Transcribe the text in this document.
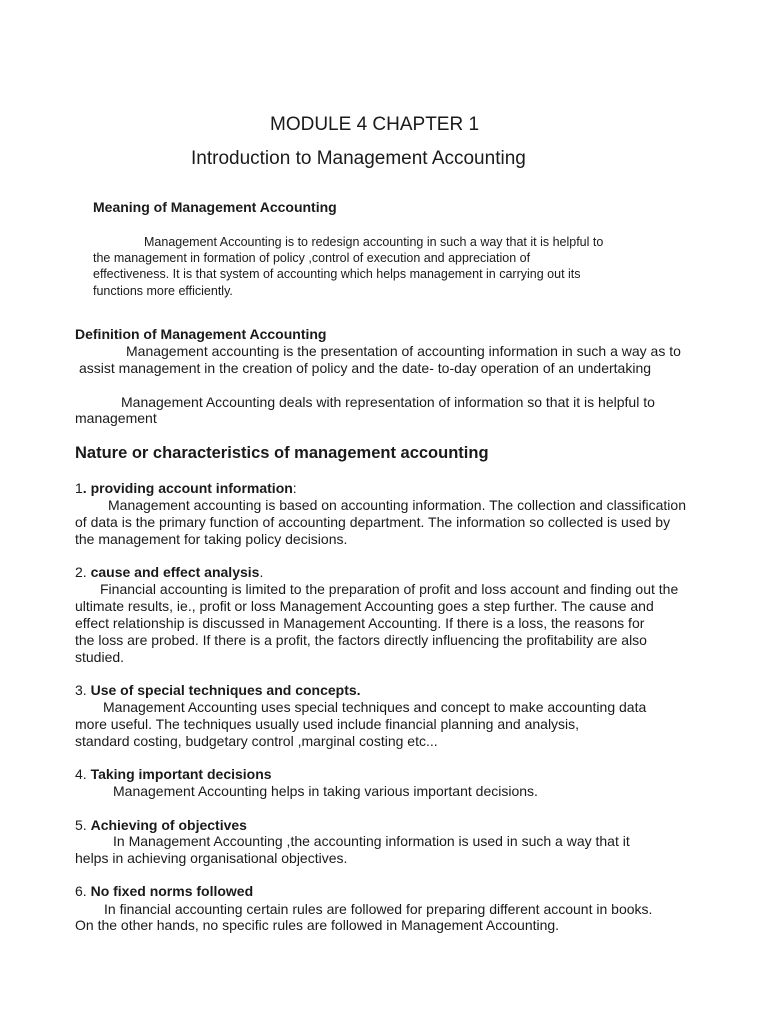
MODULE 4 CHAPTER 1
Introduction to Management Accounting
Meaning of Management Accounting
Management Accounting is to redesign accounting in such a way that it is helpful to
the management in formation of policy ,control of execution and appreciation of
effectiveness. It is that system of accounting which helps management in carrying out its
functions more efficiently.
Definition of Management Accounting
Management accounting is the presentation of accounting information in such a way as to
assist management in the creation of policy and the date- to-day operation of an undertaking
Management Accounting deals with representation of information so that it is helpful to
management
Nature or characteristics of management accounting
1. providing account information:
Management accounting is based on accounting information. The collection and classification
of data is the primary function of accounting department. The information so collected is used by
the management for taking policy decisions.
2. cause and effect analysis.
Financial accounting is limited to the preparation of profit and loss account and finding out the
ultimate results, ie., profit or loss Management Accounting goes a step further. The cause and
effect relationship is discussed in Management Accounting. If there is a loss, the reasons for
the loss are probed. If there is a profit, the factors directly influencing the profitability are also
studied.
3. Use of special techniques and concepts.
Management Accounting uses special techniques and concept to make accounting data
more useful. The techniques usually used include financial planning and analysis,
standard costing, budgetary control ,marginal costing etc...
4. Taking important decisions
Management Accounting helps in taking various important decisions.
5. Achieving of objectives
In Management Accounting ,the accounting information is used in such a way that it
helps in achieving organisational objectives.
6. No fixed norms followed
In financial accounting certain rules are followed for preparing different account in books.
On the other hands, no specific rules are followed in Management Accounting.
